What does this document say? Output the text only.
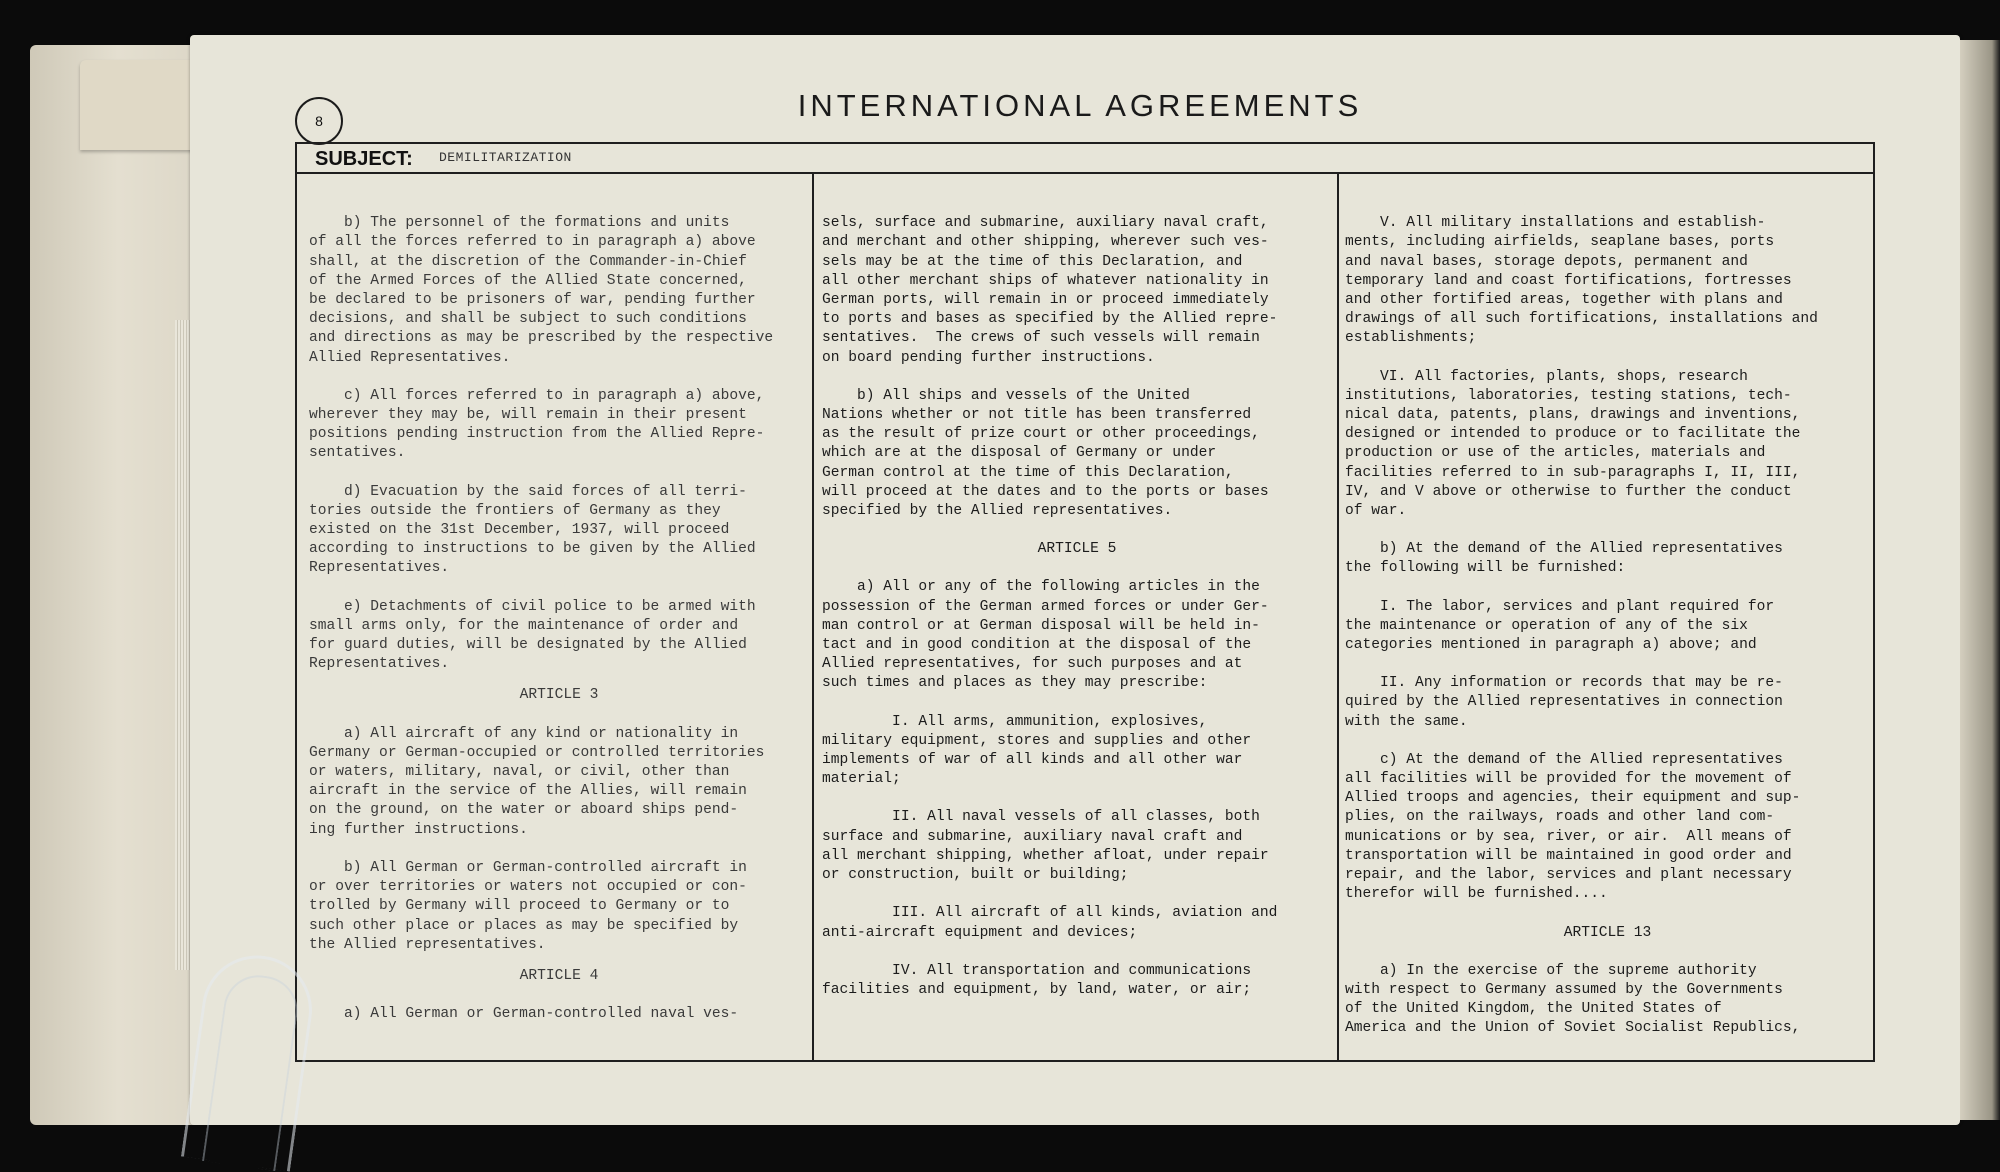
8	INTERNATIONAL AGREEMENTS
SUBJECT: DEMILITARIZATION

b) The personnel of the formations and units
of all the forces referred to in paragraph a) above
shall, at the discretion of the Commander-in-Chief
of the Armed Forces of the Allied State concerned,
be declared to be prisoners of war, pending further
decisions, and shall be subject to such conditions
and directions as may be prescribed by the respective
Allied Representatives.

c) All forces referred to in paragraph a) above,
wherever they may be, will remain in their present
positions pending instruction from the Allied Repre-
sentatives.

d) Evacuation by the said forces of all terri-
tories outside the frontiers of Germany as they
existed on the 31st December, 1937, will proceed
according to instructions to be given by the Allied
Representatives.

e) Detachments of civil police to be armed with
small arms only, for the maintenance of order and
for guard duties, will be designated by the Allied
Representatives.

ARTICLE 3

a) All aircraft of any kind or nationality in
Germany or German-occupied or controlled territories
or waters, military, naval, or civil, other than
aircraft in the service of the Allies, will remain
on the ground, on the water or aboard ships pend-
ing further instructions.

b) All German or German-controlled aircraft in
or over territories or waters not occupied or con-
trolled by Germany will proceed to Germany or to
such other place or places as may be specified by
the Allied representatives.

ARTICLE 4

a) All German or German-controlled naval ves-

sels, surface and submarine, auxiliary naval craft,
and merchant and other shipping, wherever such ves-
sels may be at the time of this Declaration, and
all other merchant ships of whatever nationality in
German ports, will remain in or proceed immediately
to ports and bases as specified by the Allied repre-
sentatives.  The crews of such vessels will remain
on board pending further instructions.

b) All ships and vessels of the United
Nations whether or not title has been transferred
as the result of prize court or other proceedings,
which are at the disposal of Germany or under
German control at the time of this Declaration,
will proceed at the dates and to the ports or bases
specified by the Allied representatives.

ARTICLE 5

a) All or any of the following articles in the
possession of the German armed forces or under Ger-
man control or at German disposal will be held in-
tact and in good condition at the disposal of the
Allied representatives, for such purposes and at
such times and places as they may prescribe:

I. All arms, ammunition, explosives,
military equipment, stores and supplies and other
implements of war of all kinds and all other war
material;

II. All naval vessels of all classes, both
surface and submarine, auxiliary naval craft and
all merchant shipping, whether afloat, under repair
or construction, built or building;

III. All aircraft of all kinds, aviation and
anti-aircraft equipment and devices;

IV. All transportation and communications
facilities and equipment, by land, water, or air;

V. All military installations and establish-
ments, including airfields, seaplane bases, ports
and naval bases, storage depots, permanent and
temporary land and coast fortifications, fortresses
and other fortified areas, together with plans and
drawings of all such fortifications, installations and
establishments;

VI. All factories, plants, shops, research
institutions, laboratories, testing stations, tech-
nical data, patents, plans, drawings and inventions,
designed or intended to produce or to facilitate the
production or use of the articles, materials and
facilities referred to in sub-paragraphs I, II, III,
IV, and V above or otherwise to further the conduct
of war.

b) At the demand of the Allied representatives
the following will be furnished:

I. The labor, services and plant required for
the maintenance or operation of any of the six
categories mentioned in paragraph a) above; and

II. Any information or records that may be re-
quired by the Allied representatives in connection
with the same.

c) At the demand of the Allied representatives
all facilities will be provided for the movement of
Allied troops and agencies, their equipment and sup-
plies, on the railways, roads and other land com-
munications or by sea, river, or air.  All means of
transportation will be maintained in good order and
repair, and the labor, services and plant necessary
therefor will be furnished....

ARTICLE 13

a) In the exercise of the supreme authority
with respect to Germany assumed by the Governments
of the United Kingdom, the United States of
America and the Union of Soviet Socialist Republics,
